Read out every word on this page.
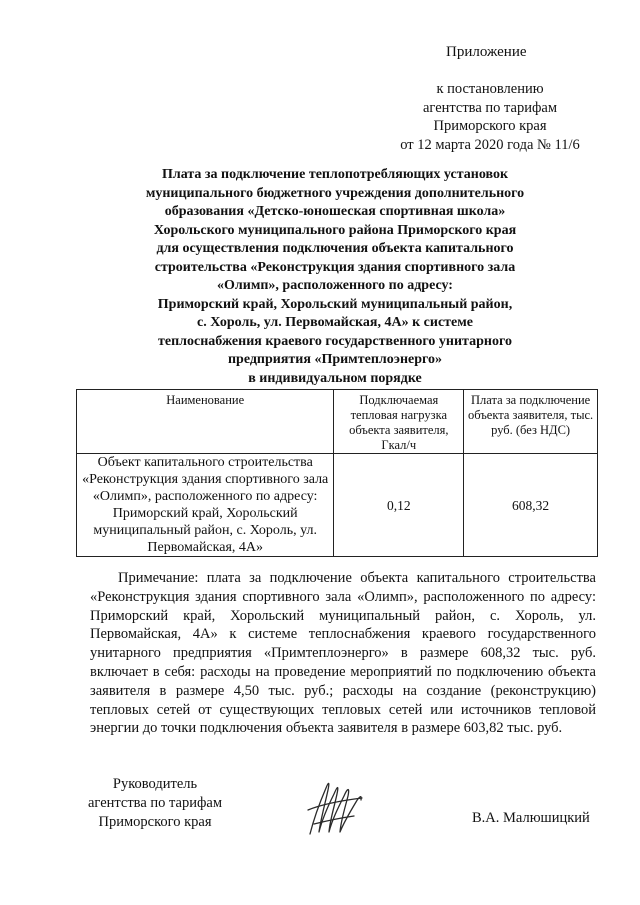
Приложение
к постановлению
агентства по тарифам
Приморского края
от 12 марта 2020 года № 11/6
Плата за подключение теплопотребляющих установок
муниципального бюджетного учреждения дополнительного
образования «Детско-юношеская спортивная школа»
Хорольского муниципального района Приморского края
для осуществления подключения объекта капитального
строительства «Реконструкция здания спортивного зала
«Олимп», расположенного по адресу:
Приморский край, Хорольский муниципальный район,
с. Хороль, ул. Первомайская, 4А» к системе
теплоснабжения краевого государственного унитарного
предприятия «Примтеплоэнерго»
в индивидуальном порядке
Наименование	Подключаемая тепловая нагрузка объекта заявителя, Гкал/ч	Плата за подключение объекта заявителя, тыс. руб. (без НДС)
Объект капитального строительства «Реконструкция здания спортивного зала «Олимп», расположенного по адресу: Приморский край, Хорольский муниципальный район, с. Хороль, ул. Первомайская, 4А»	0,12	608,32
Примечание: плата за подключение объекта капитального строительства «Реконструкция здания спортивного зала «Олимп», расположенного по адресу: Приморский край, Хорольский муниципальный район, с. Хороль, ул. Первомайская, 4А» к системе теплоснабжения краевого государственного унитарного предприятия «Примтеплоэнерго» в размере 608,32 тыс. руб. включает в себя: расходы на проведение мероприятий по подключению объекта заявителя в размере 4,50 тыс. руб.; расходы на создание (реконструкцию) тепловых сетей от существующих тепловых сетей или источников тепловой энергии до точки подключения объекта заявителя в размере 603,82 тыс. руб.
Руководитель
агентства по тарифам
Приморского края	В.А. Малюшицкий
